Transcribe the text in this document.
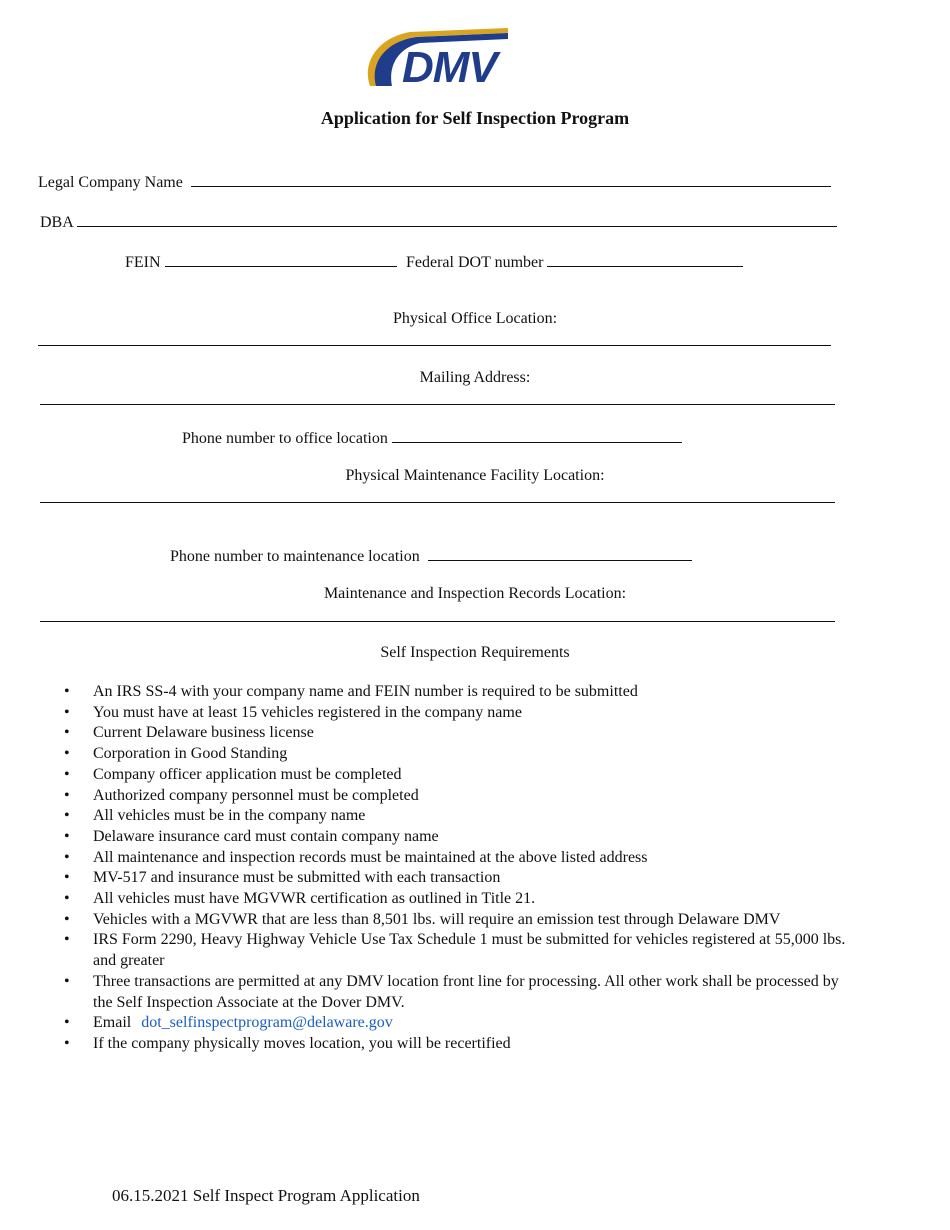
DMV
Application for Self Inspection Program
Legal Company Name
DBA
FEIN	Federal DOT number
Physical Office Location:
Mailing Address:
Phone number to office location
Physical Maintenance Facility Location:
Phone number to maintenance location
Maintenance and Inspection Records Location:
Self Inspection Requirements
• An IRS SS-4 with your company name and FEIN number is required to be submitted
• You must have at least 15 vehicles registered in the company name
• Current Delaware business license
• Corporation in Good Standing
• Company officer application must be completed
• Authorized company personnel must be completed
• All vehicles must be in the company name
• Delaware insurance card must contain company name
• All maintenance and inspection records must be maintained at the above listed address
• MV-517 and insurance must be submitted with each transaction
• All vehicles must have MGVWR certification as outlined in Title 21.
• Vehicles with a MGVWR that are less than 8,501 lbs. will require an emission test through Delaware DMV
• IRS Form 2290, Heavy Highway Vehicle Use Tax Schedule 1 must be submitted for vehicles registered at 55,000 lbs. and greater
• Three transactions are permitted at any DMV location front line for processing. All other work shall be processed by the Self Inspection Associate at the Dover DMV.
• Email dot_selfinspectprogram@delaware.gov
• If the company physically moves location, you will be recertified
06.15.2021 Self Inspect Program Application
